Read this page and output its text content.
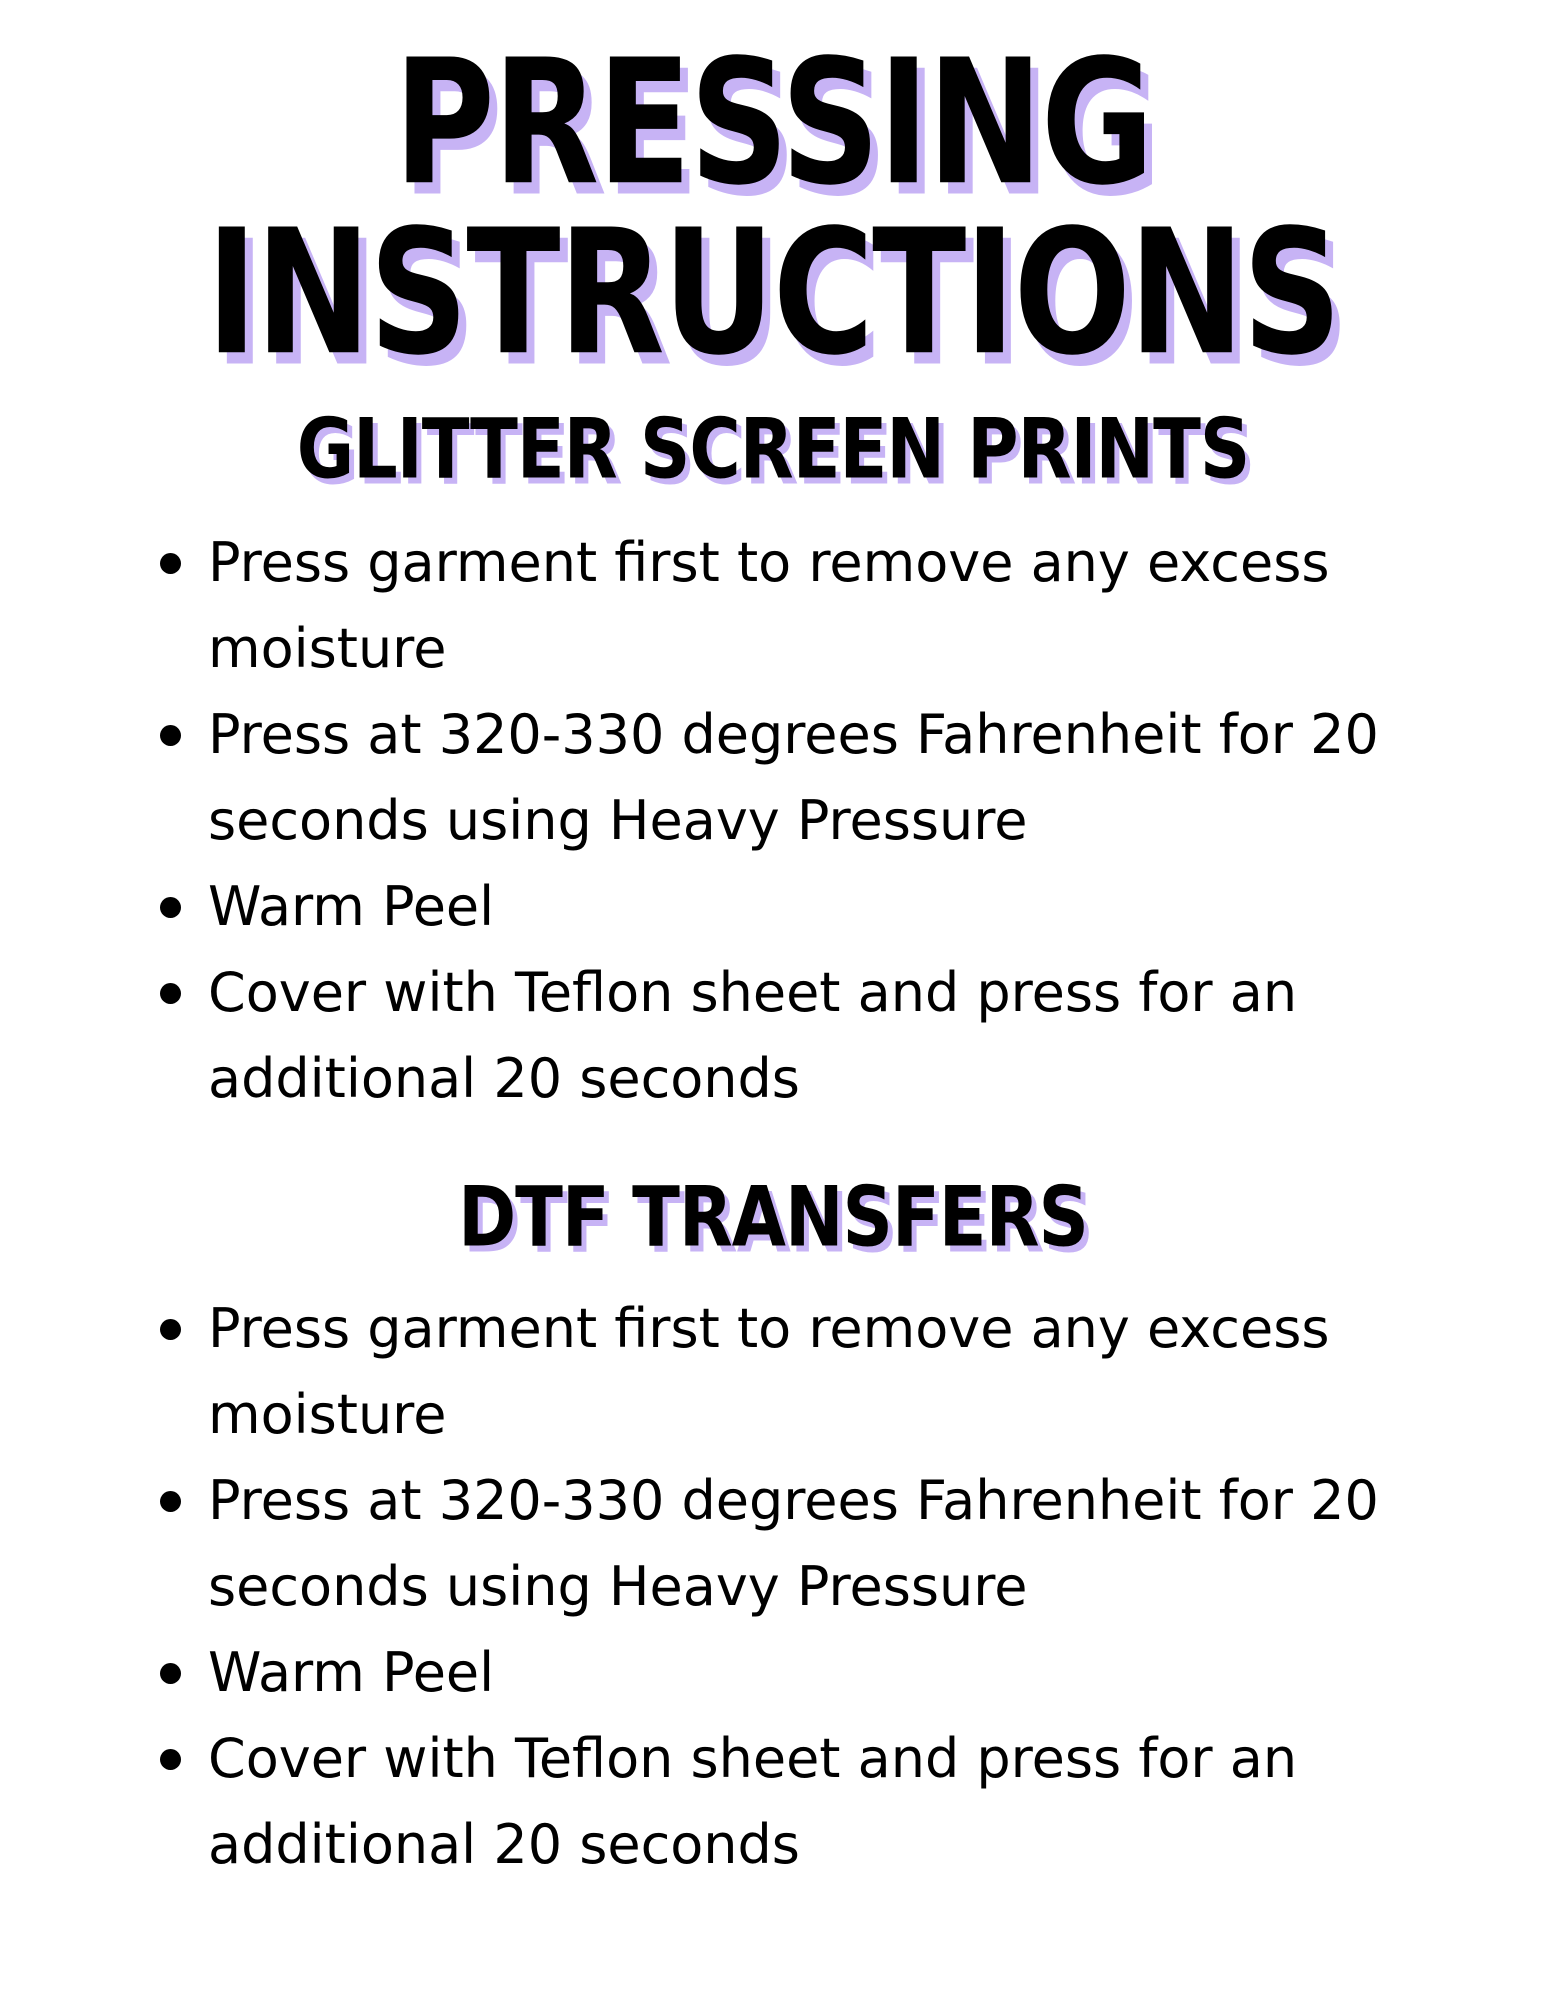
PRESSING
INSTRUCTIONS
GLITTER SCREEN PRINTS
Press garment first to remove any excess moisture
Press at 320-330 degrees Fahrenheit for 20 seconds using Heavy Pressure
Warm Peel
Cover with Teflon sheet and press for an additional 20 seconds
DTF TRANSFERS
Press garment first to remove any excess moisture
Press at 320-330 degrees Fahrenheit for 20 seconds using Heavy Pressure
Warm Peel
Cover with Teflon sheet and press for an additional 20 seconds
